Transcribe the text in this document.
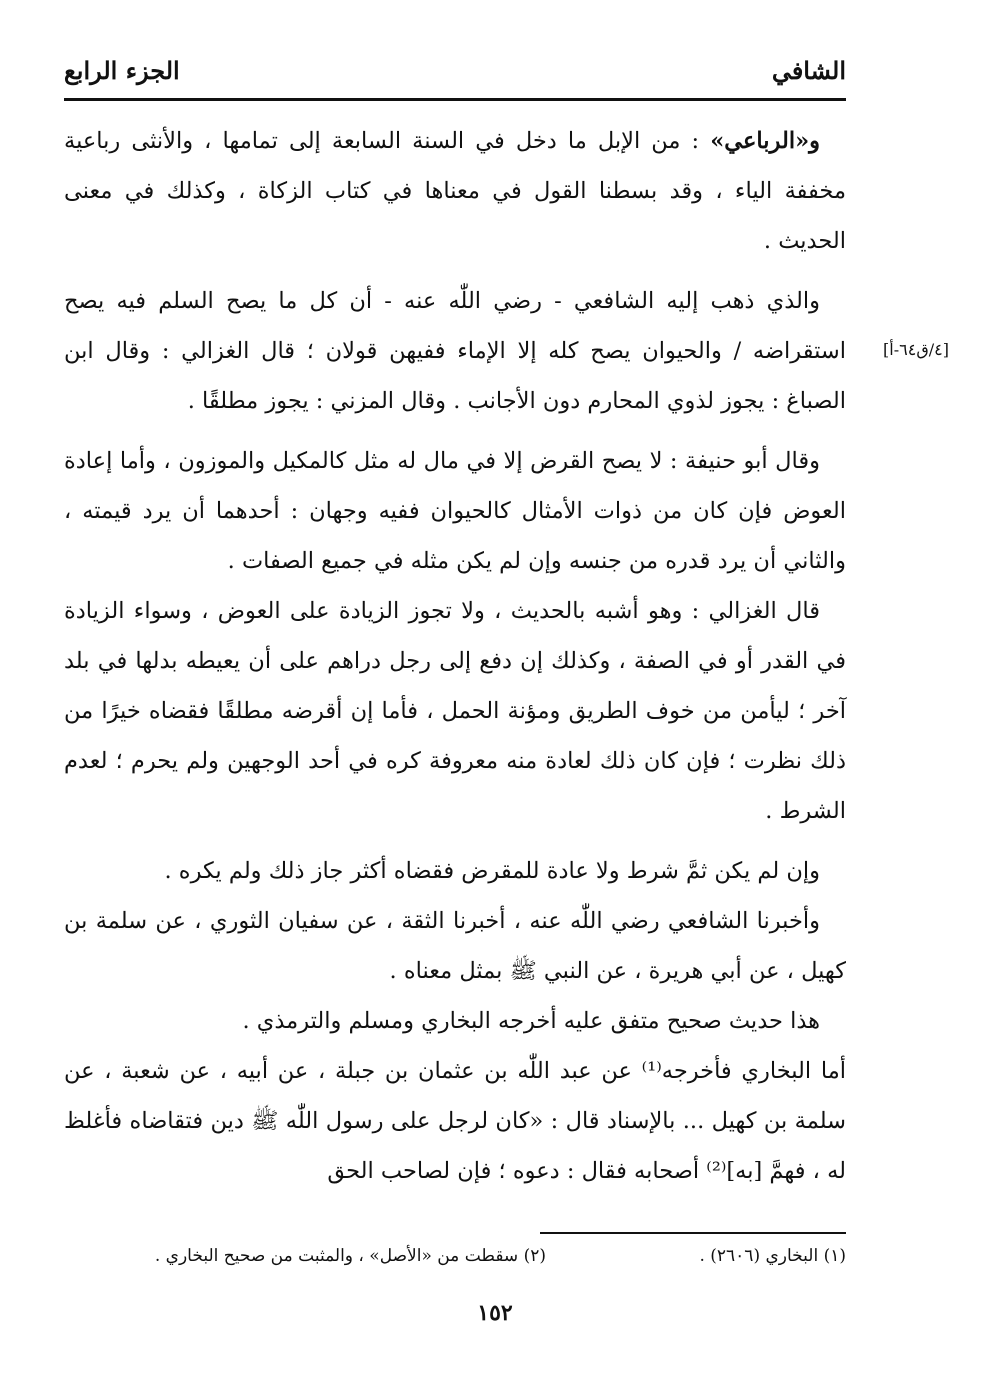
الشافي
الجزء الرابع
[٤/ق٦٤-أ]

و«الرباعي» : من الإبل ما دخل في السنة السابعة إلى تمامها ، والأنثى رباعية مخففة الياء ، وقد بسطنا القول في معناها في كتاب الزكاة ، وكذلك في معنى الحديث .

والذي ذهب إليه الشافعي - رضي اللّٰه عنه - أن كل ما يصح السلم فيه يصح استقراضه / والحيوان يصح كله إلا الإماء ففيهن قولان ؛ قال الغزالي : وقال ابن الصباغ : يجوز لذوي المحارم دون الأجانب . وقال المزني : يجوز مطلقًا .

وقال أبو حنيفة : لا يصح القرض إلا في مال له مثل كالمكيل والموزون ، وأما إعادة العوض فإن كان من ذوات الأمثال كالحيوان ففيه وجهان : أحدهما أن يرد قيمته ، والثاني أن يرد قدره من جنسه وإن لم يكن مثله في جميع الصفات .

قال الغزالي : وهو أشبه بالحديث ، ولا تجوز الزيادة على العوض ، وسواء الزيادة في القدر أو في الصفة ، وكذلك إن دفع إلى رجل دراهم على أن يعيطه بدلها في بلد آخر ؛ ليأمن من خوف الطريق ومؤنة الحمل ، فأما إن أقرضه مطلقًا فقضاه خيرًا من ذلك نظرت ؛ فإن كان ذلك لعادة منه معروفة كره في أحد الوجهين ولم يحرم ؛ لعدم الشرط .

وإن لم يكن ثمَّ شرط ولا عادة للمقرض فقضاه أكثر جاز ذلك ولم يكره .

وأخبرنا الشافعي رضي اللّٰه عنه ، أخبرنا الثقة ، عن سفيان الثوري ، عن سلمة بن كهيل ، عن أبي هريرة ، عن النبي ﷺ بمثل معناه .

هذا حديث صحيح متفق عليه أخرجه البخاري ومسلم والترمذي .

أما البخاري فأخرجه⁽¹⁾ عن عبد اللّٰه بن عثمان بن جبلة ، عن أبيه ، عن شعبة ، عن سلمة بن كهيل ... بالإسناد قال : «كان لرجل على رسول اللّٰه ﷺ دين فتقاضاه فأغلظ له ، فهمَّ [به]⁽²⁾ أصحابه فقال : دعوه ؛ فإن لصاحب الحق

(١) البخاري (٢٦٠٦) .
(٢) سقطت من «الأصل» ، والمثبت من صحيح البخاري .
١٥٢
